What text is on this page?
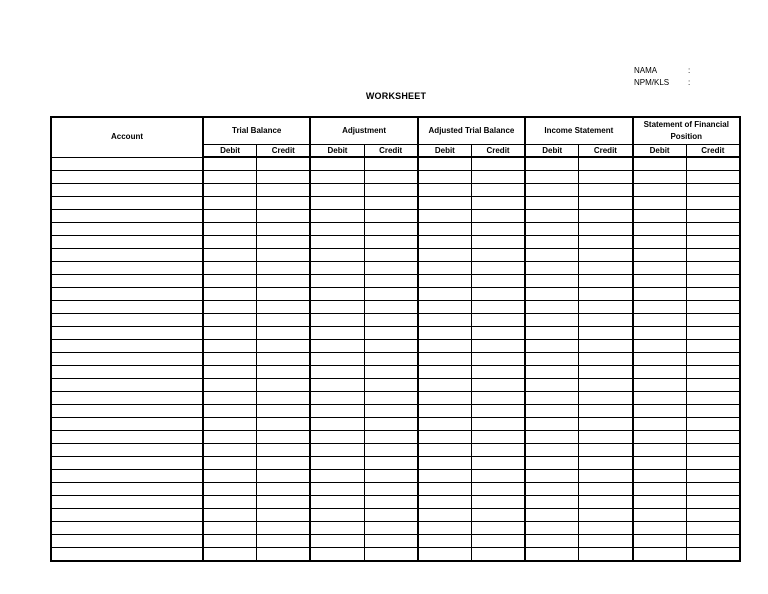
NAMA	:
NPM/KLS	:
WORKSHEET
Account	Trial Balance		Adjustment		Adjusted Trial Balance		Income Statement		Statement of Financial Position	
	Debit	Credit	Debit	Credit	Debit	Credit	Debit	Credit	Debit	Credit
